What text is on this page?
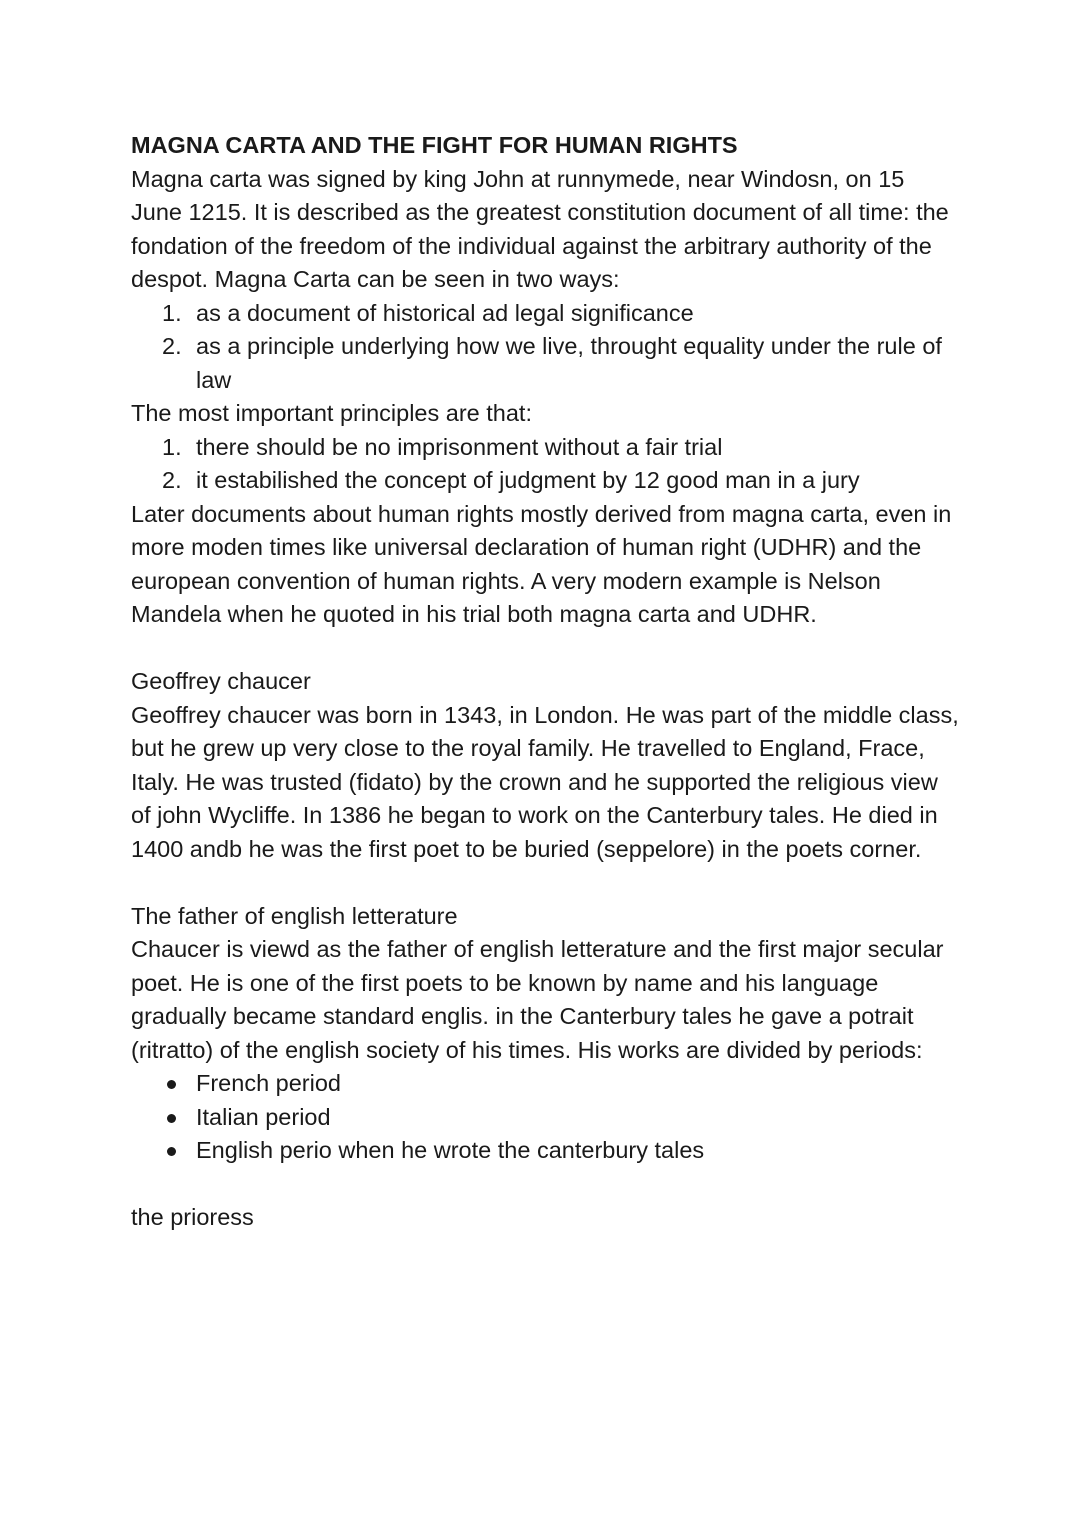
MAGNA CARTA AND THE FIGHT FOR HUMAN RIGHTS

Magna carta was signed by king John at runnymede, near Windosn, on 15 June 1215. It is described as the greatest constitution document of all time: the fondation of the freedom of the individual against the arbitrary authority of the despot. Magna Carta can be seen in two ways:

1. as a document of historical ad legal significance
2. as a principle underlying how we live, throught equality under the rule of law

The most important principles are that:

1. there should be no imprisonment without a fair trial
2. it estabilished the concept of judgment by 12 good man in a jury

Later documents about human rights mostly derived from magna carta, even in more moden times like universal declaration of human right (UDHR) and the european convention of human rights. A very modern example is Nelson Mandela when he quoted in his trial both magna carta and UDHR.

Geoffrey chaucer

Geoffrey chaucer was born in 1343, in London. He was part of the middle class, but he grew up very close to the royal family. He travelled to England, Frace, Italy. He was trusted (fidato) by the crown and he supported the religious view of john Wycliffe. In 1386 he began to work on the Canterbury tales. He died in 1400 andb he was the first poet to be buried (seppelore) in the poets corner.

The father of english letterature

Chaucer is viewd as the father of english letterature and the first major secular poet. He is one of the first poets to be known by name and his language gradually became standard englis. in the Canterbury tales he gave a potrait (ritratto) of the english society of his times. His works are divided by periods:

French period
Italian period
English perio when he wrote the canterbury tales

the prioress
